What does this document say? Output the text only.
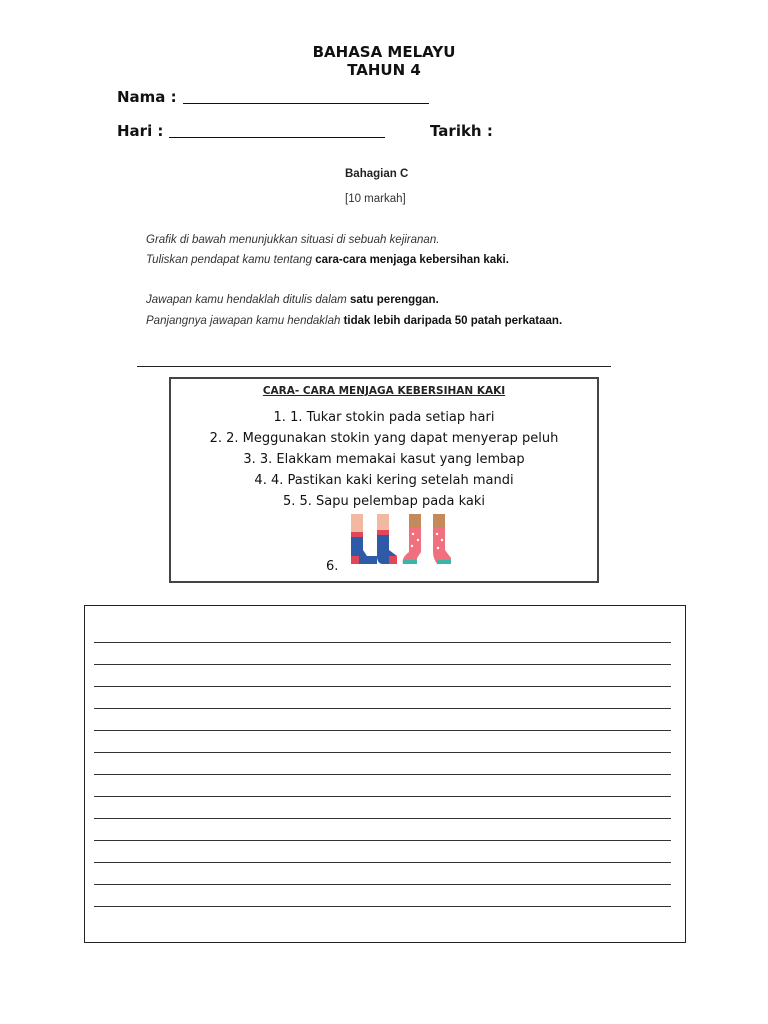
BAHASA MELAYU
TAHUN 4
Nama :
Hari :	Tarikh :
Bahagian C
[10 markah]
Grafik di bawah menunjukkan situasi di sebuah kejiranan.
Tuliskan pendapat kamu tentang cara-cara menjaga kebersihan kaki.
Jawapan kamu hendaklah ditulis dalam satu perenggan.
Panjangnya jawapan kamu hendaklah tidak lebih daripada 50 patah perkataan.
CARA- CARA MENJAGA KEBERSIHAN KAKI
1. 1. Tukar stokin pada setiap hari
2. 2. Meggunakan stokin yang dapat menyerap peluh
3. 3. Elakkam memakai kasut yang lembap
4. 4. Pastikan kaki kering setelah mandi
5. 5. Sapu pelembap pada kaki
6.
